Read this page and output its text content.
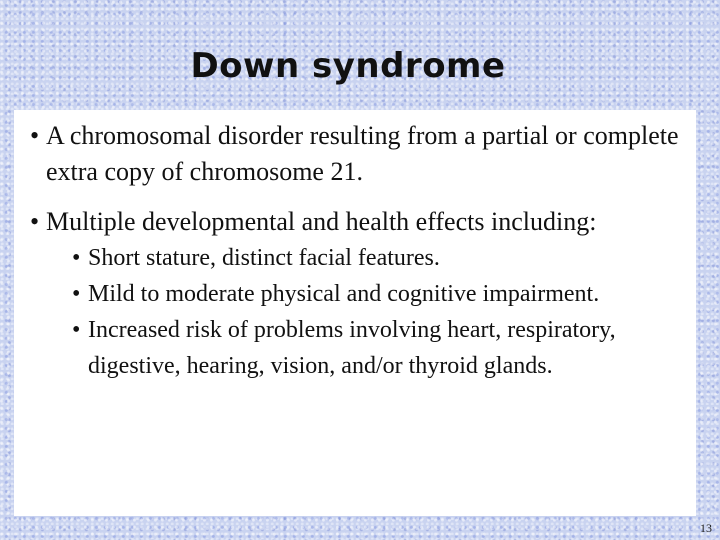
Down syndrome

• A chromosomal disorder resulting from a partial or complete extra copy of chromosome 21.

• Multiple developmental and health effects including:

• Short stature, distinct facial features.

• Mild to moderate physical and cognitive impairment.

• Increased risk of problems involving heart, respiratory, digestive, hearing, vision, and/or thyroid glands.

13
